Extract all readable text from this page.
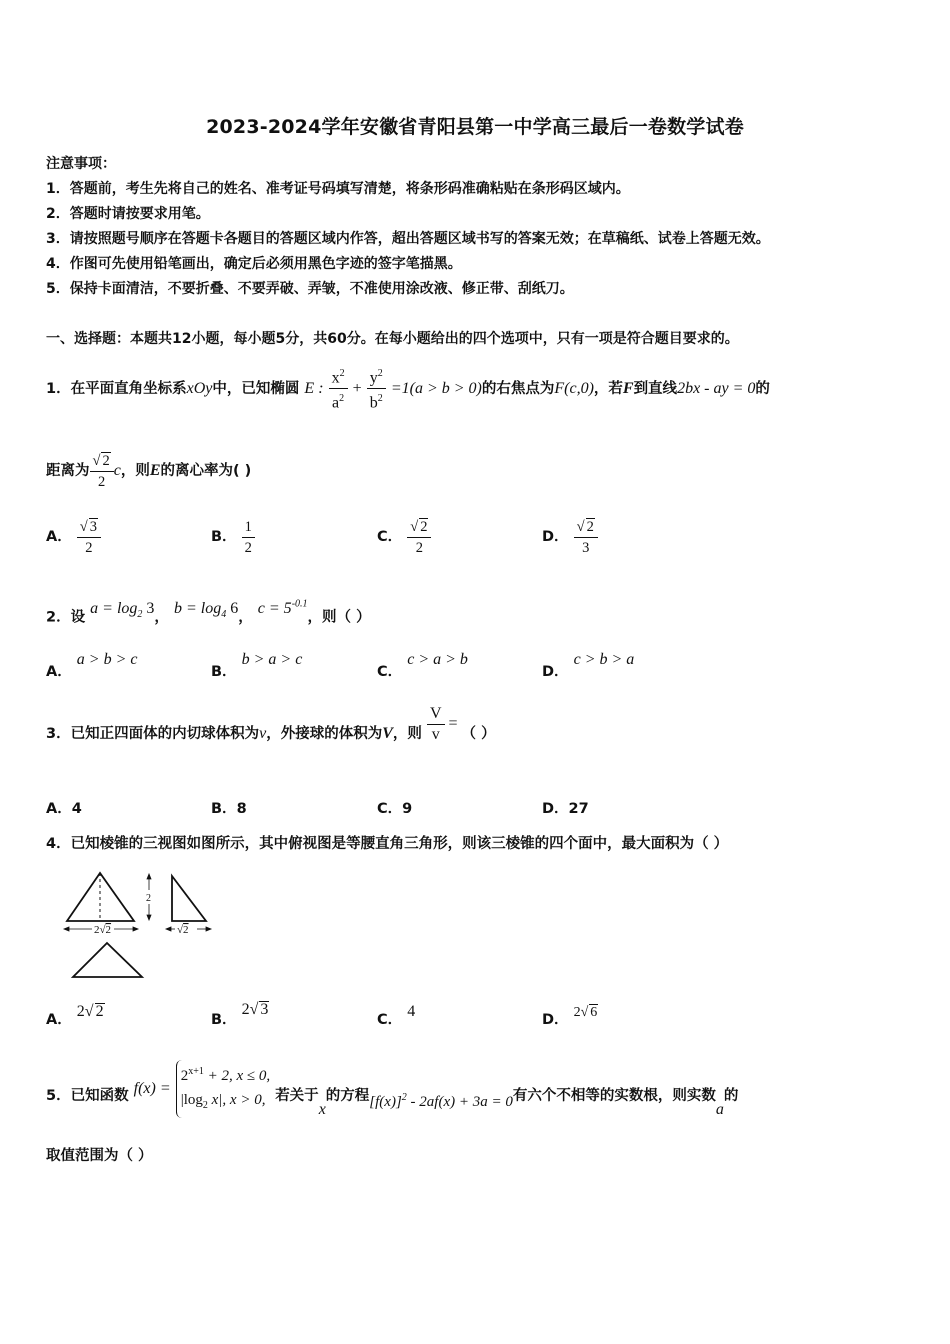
2023-2024学年安徽省青阳县第一中学高三最后一卷数学试卷
注意事项：
1．答题前，考生先将自己的姓名、准考证号码填写清楚，将条形码准确粘贴在条形码区域内。
2．答题时请按要求用笔。
3．请按照题号顺序在答题卡各题目的答题区域内作答，超出答题区域书写的答案无效；在草稿纸、试卷上答题无效。
4．作图可先使用铅笔画出，确定后必须用黑色字迹的签字笔描黑。
5．保持卡面清洁，不要折叠、不要弄破、弄皱，不准使用涂改液、修正带、刮纸刀。
一、选择题：本题共12小题，每小题5分，共60分。在每小题给出的四个选项中，只有一项是符合题目要求的。
1．在平面直角坐标系xOy中，已知椭圆 E : $\frac{x^2}{a^2} + \frac{y^2}{b^2} =1(a > b > 0)$的右焦点为F(c,0)，若F到直线2bx - ay = 0的
距离为 $\frac{√ 2}{2}$ c，则E的离心率为( )
A． $\frac{√ 3}{2}$	B． $\frac{1}{2}$	C． $\frac{√ 2}{2}$	D． $\frac{√ 2}{3}$
2．设 $a = \log_2 3$， $b = \log_4 6$， $c = 5^{-0.1}$，则（ ）
A． a > b > c
B． b > a > c
C． c > a > b
D． c > b > a
3．已知正四面体的内切球体积为v，外接球的体积为V，则 $\frac{V}{v}$ = （ ）
A．4	B．8	C．9	D．27
4．已知棱锥的三视图如图所示，其中俯视图是等腰直角三角形，则该三棱锥的四个面中，最大面积为（ ）
2√2
2
√2
A． 2√ 2	B． 2√ 3
C． 4	D． 2√ 6
5．已知函数 f(x) =
$2^{x+1} + 2$, x ≤ 0,
$|\log_2$ x|, x > 0, 若关于x的方程$[f(x)]^2 - 2af(x) + 3a = 0$有六个不相等的实数根，则实数a的
取值范围为（ ）
